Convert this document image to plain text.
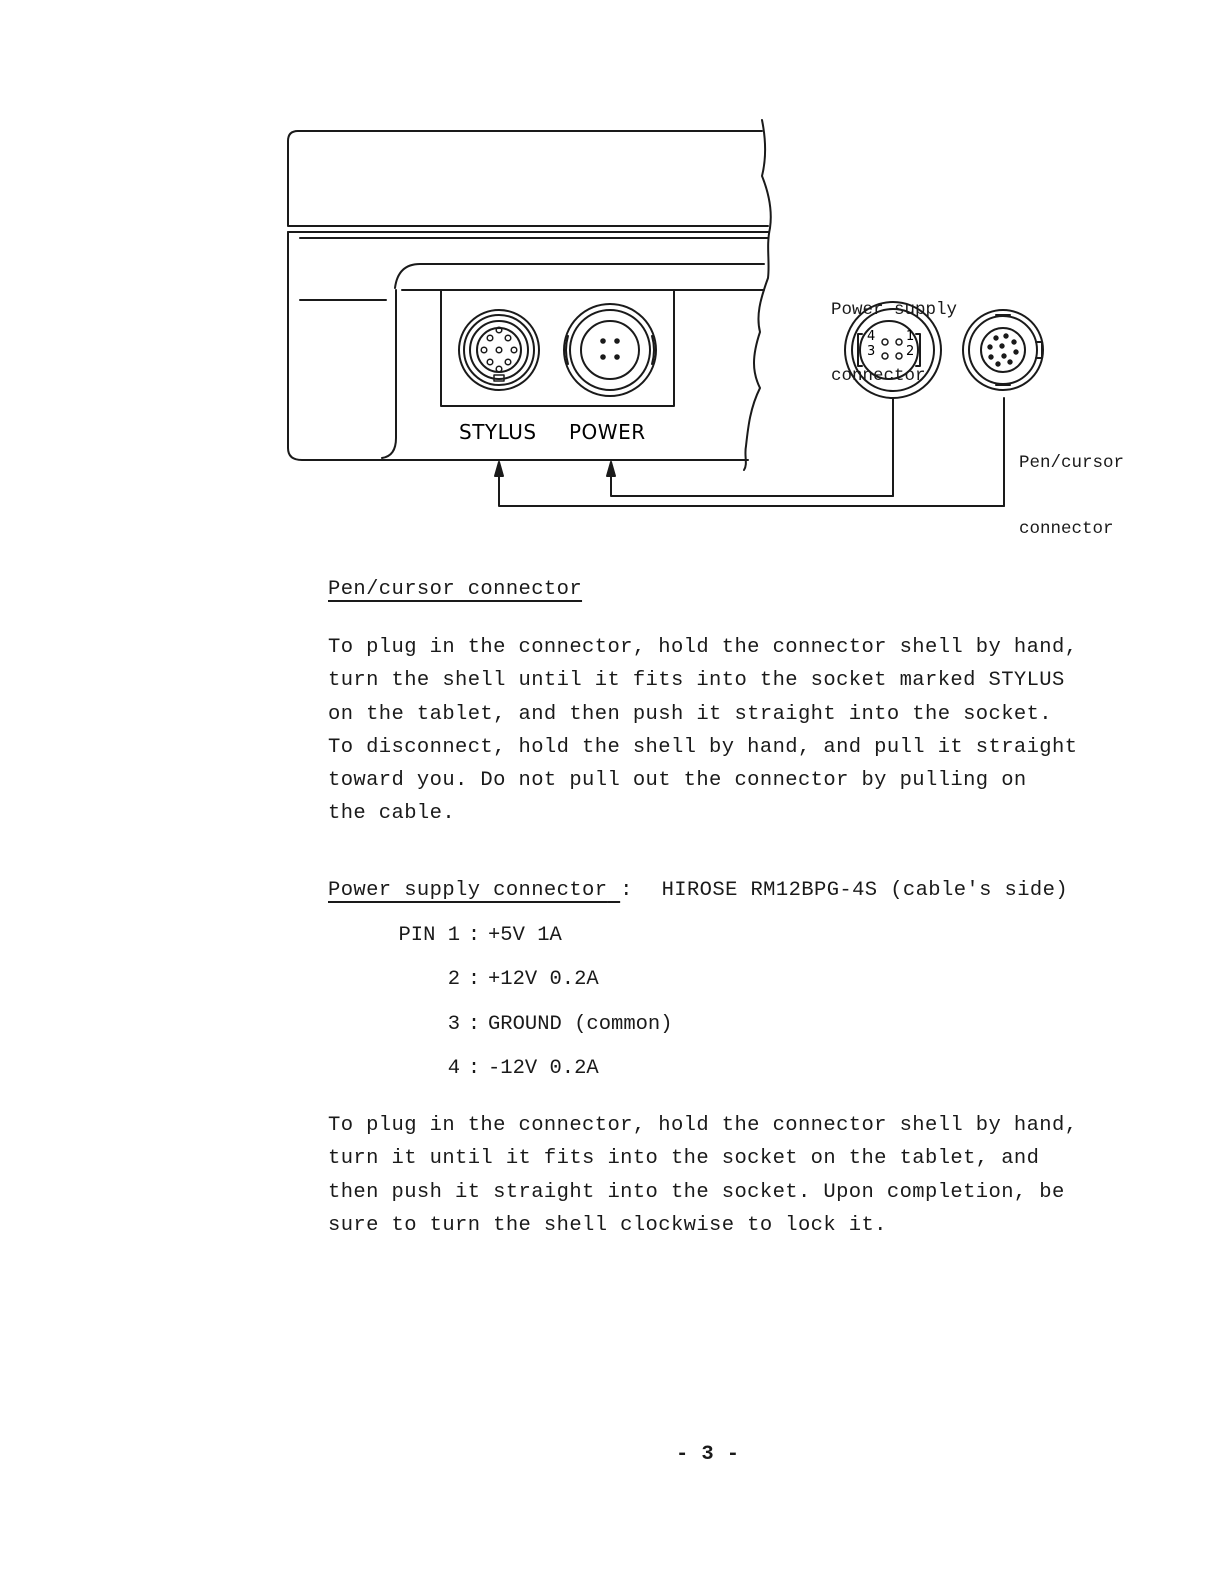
4
3
1
2
STYLUS POWER

Power supply

connector

Pen/cursor

connector

Pen/cursor connector

To plug in the connector, hold the connector shell by hand,

turn the shell until it fits into the socket marked STYLUS

on the tablet, and then push it straight into the socket.

To disconnect, hold the shell by hand, and pull it straight

toward you. Do not pull out the connector by pulling on

the cable.

Power supply connector : HIROSE RM12BPG-4S (cable's side)
PIN 1 : +5V 1A
2 : +12V 0.2A
3 : GROUND (common)
4 : -12V 0.2A

To plug in the connector, hold the connector shell by hand,

turn it until it fits into the socket on the tablet, and

then push it straight into the socket. Upon completion, be

sure to turn the shell clockwise to lock it.

- 3 -
